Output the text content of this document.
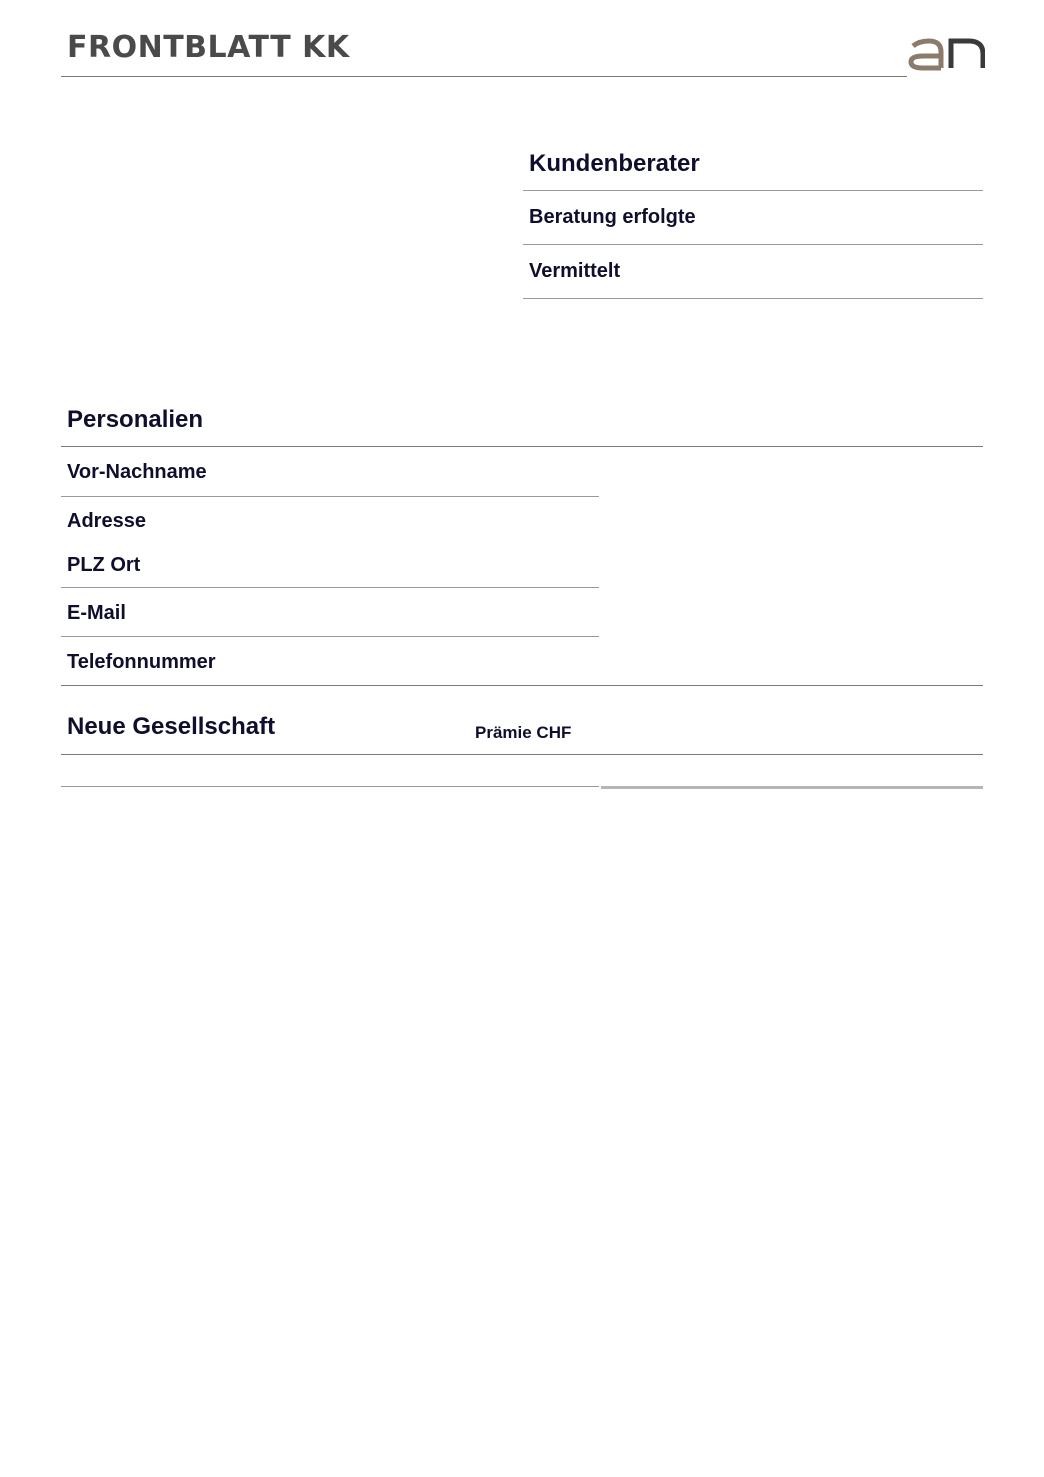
FRONTBLATT KK
Kundenberater
Beratung erfolgte
Vermittelt
Personalien
Vor-Nachname
Adresse
PLZ Ort
E-Mail
Telefonnummer
Neue Gesellschaft	Prämie CHF
